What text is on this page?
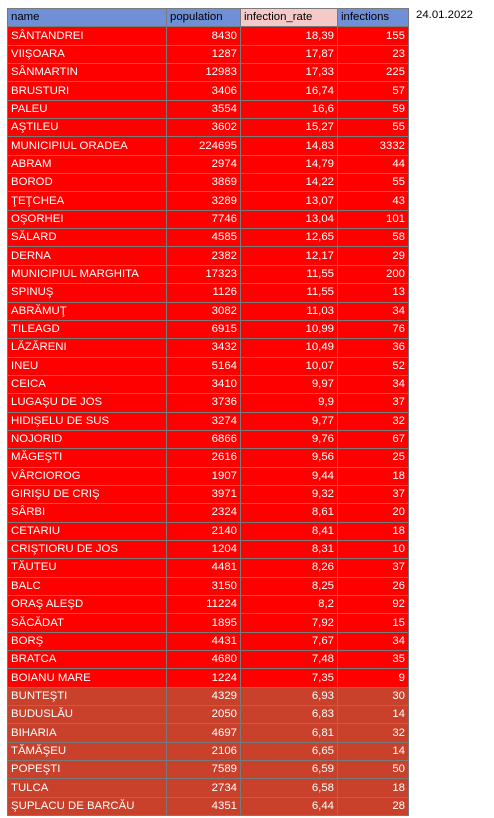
name	population	infection_rate	infections
SÂNTANDREI	8430	18,39	155
VIIŞOARA	1287	17,87	23
SÂNMARTIN	12983	17,33	225
BRUSTURI	3406	16,74	57
PALEU	3554	16,6	59
AŞTILEU	3602	15,27	55
MUNICIPIUL ORADEA	224695	14,83	3332
ABRAM	2974	14,79	44
BOROD	3869	14,22	55
ŢEŢCHEA	3289	13,07	43
OŞORHEI	7746	13,04	101
SĂLARD	4585	12,65	58
DERNA	2382	12,17	29
MUNICIPIUL MARGHITA	17323	11,55	200
SPINUŞ	1126	11,55	13
ABRĂMUŢ	3082	11,03	34
TILEAGD	6915	10,99	76
LĂZĂRENI	3432	10,49	36
INEU	5164	10,07	52
CEICA	3410	9,97	34
LUGAŞU DE JOS	3736	9,9	37
HIDIŞELU DE SUS	3274	9,77	32
NOJORID	6866	9,76	67
MĂGEŞTI	2616	9,56	25
VÂRCIOROG	1907	9,44	18
GIRIŞU DE CRIŞ	3971	9,32	37
SÂRBI	2324	8,61	20
CETARIU	2140	8,41	18
CRIŞTIORU DE JOS	1204	8,31	10
TĂUTEU	4481	8,26	37
BALC	3150	8,25	26
ORAŞ ALEŞD	11224	8,2	92
SĂCĂDAT	1895	7,92	15
BORŞ	4431	7,67	34
BRATCA	4680	7,48	35
BOIANU MARE	1224	7,35	9
BUNTEŞTI	4329	6,93	30
BUDUSLĂU	2050	6,83	14
BIHARIA	4697	6,81	32
TĂMĂŞEU	2106	6,65	14
POPEŞTI	7589	6,59	50
TULCA	2734	6,58	18
ŞUPLACU DE BARCĂU	4351	6,44	28
24.01.2022
